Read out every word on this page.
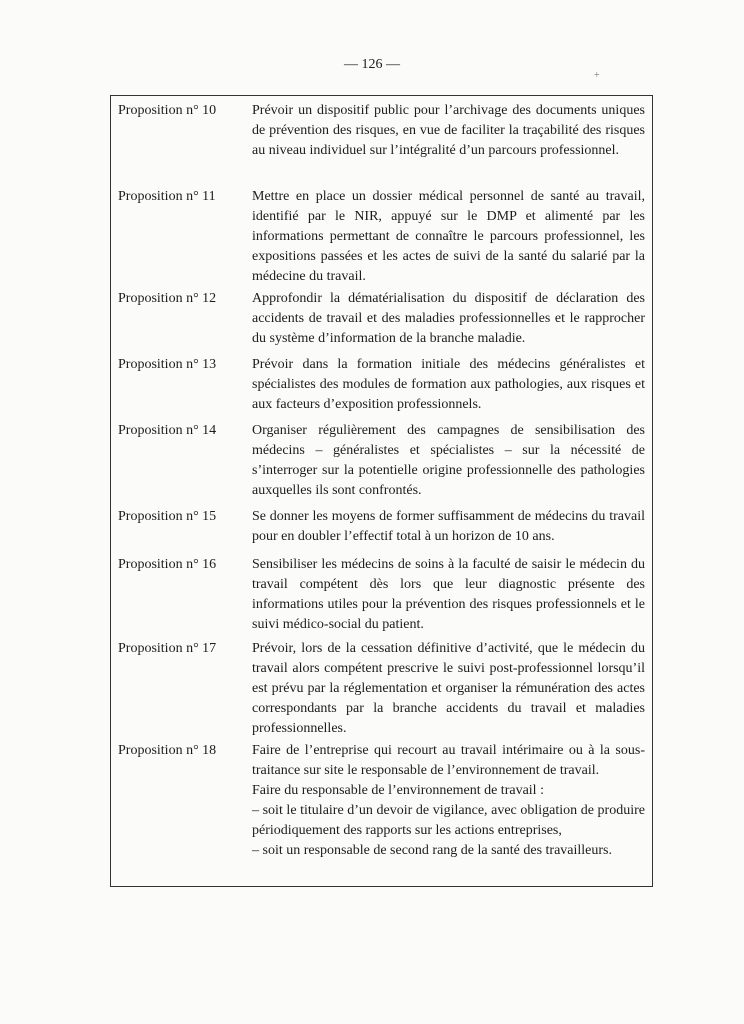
— 126 —
+
Proposition n° 10	Prévoir un dispositif public pour l’archivage des documents uniques de prévention des risques, en vue de faciliter la traçabilité des risques au niveau individuel sur l’intégralité d’un parcours professionnel.
Proposition n° 11	Mettre en place un dossier médical personnel de santé au travail, identifié par le NIR, appuyé sur le DMP et alimenté par les informations permettant de connaître le parcours professionnel, les expositions passées et les actes de suivi de la santé du salarié par la médecine du travail.
Proposition n° 12	Approfondir la dématérialisation du dispositif de déclaration des accidents de travail et des maladies professionnelles et le rapprocher du système d’information de la branche maladie.
Proposition n° 13	Prévoir dans la formation initiale des médecins généralistes et spécialistes des modules de formation aux pathologies, aux risques et aux facteurs d’exposition professionnels.
Proposition n° 14	Organiser régulièrement des campagnes de sensibilisation des médecins – généralistes et spécialistes – sur la nécessité de s’interroger sur la potentielle origine professionnelle des pathologies auxquelles ils sont confrontés.
Proposition n° 15	Se donner les moyens de former suffisamment de médecins du travail pour en doubler l’effectif total à un horizon de 10 ans.
Proposition n° 16	Sensibiliser les médecins de soins à la faculté de saisir le médecin du travail compétent dès lors que leur diagnostic présente des informations utiles pour la prévention des risques professionnels et le suivi médico-social du patient.
Proposition n° 17	Prévoir, lors de la cessation définitive d’activité, que le médecin du travail alors compétent prescrive le suivi post-professionnel lorsqu’il est prévu par la réglementation et organiser la rémunération des actes correspondants par la branche accidents du travail et maladies professionnelles.
Proposition n° 18	Faire de l’entreprise qui recourt au travail intérimaire ou à la sous-traitance sur site le responsable de l’environnement de travail.
Faire du responsable de l’environnement de travail :
– soit le titulaire d’un devoir de vigilance, avec obligation de produire périodiquement des rapports sur les actions entreprises,
– soit un responsable de second rang de la santé des travailleurs.
